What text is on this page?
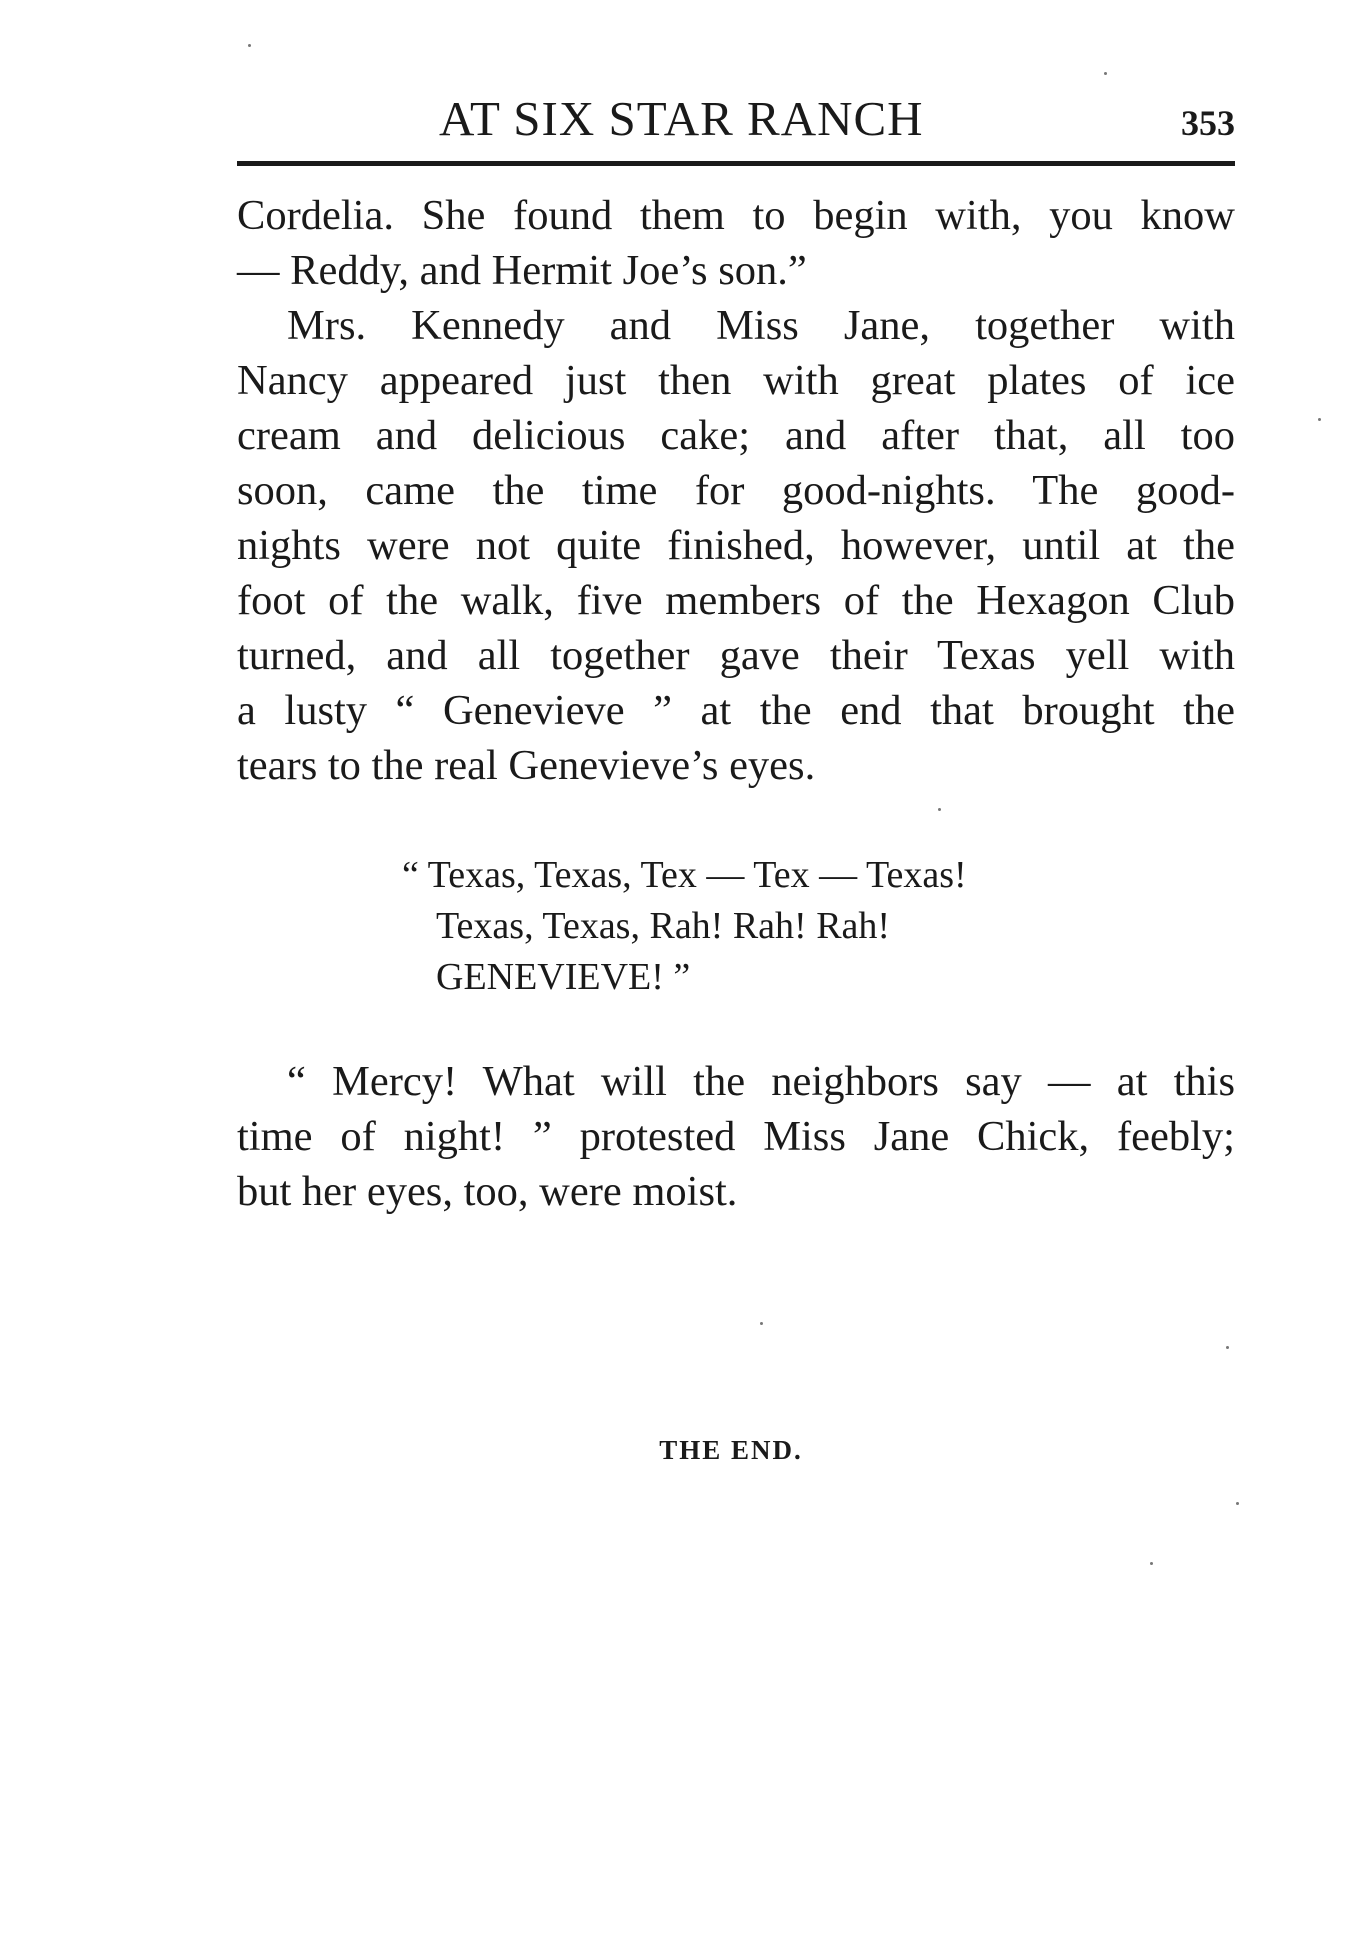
AT SIX STAR RANCH	353
Cordelia. She found them to begin with, you know
— Reddy, and Hermit Joe’s son.”
Mrs. Kennedy and Miss Jane, together with
Nancy appeared just then with great plates of ice
cream and delicious cake; and after that, all too
soon, came the time for good-nights. The good-
nights were not quite finished, however, until at the
foot of the walk, five members of the Hexagon Club
turned, and all together gave their Texas yell with
a lusty “ Genevieve ” at the end that brought the
tears to the real Genevieve’s eyes.
“ Texas, Texas, Tex — Tex — Texas!
Texas, Texas, Rah! Rah! Rah!
GENEVIEVE! ”
“ Mercy! What will the neighbors say — at this
time of night! ” protested Miss Jane Chick, feebly;
but her eyes, too, were moist.
THE END.
